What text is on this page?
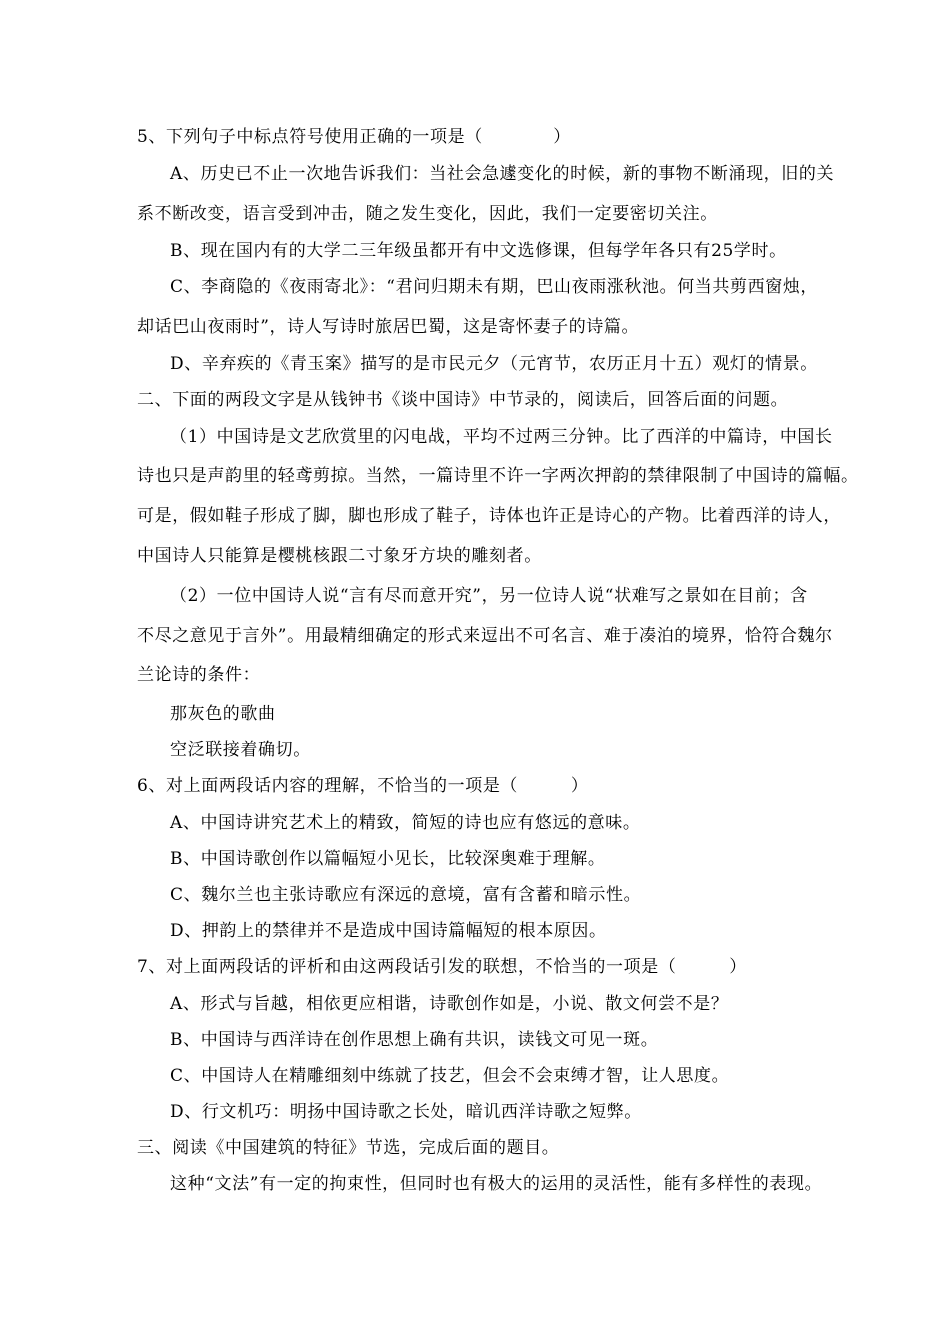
5、下列句子中标点符号使用正确的一项是（　　　　）
A、历史已不止一次地告诉我们：当社会急遽变化的时候，新的事物不断涌现，旧的关
系不断改变，语言受到冲击，随之发生变化，因此，我们一定要密切关注。
B、现在国内有的大学二三年级虽都开有中文选修课，但每学年各只有25学时。
C、李商隐的《夜雨寄北》：“君问归期未有期，巴山夜雨涨秋池。何当共剪西窗烛，
却话巴山夜雨时”，诗人写诗时旅居巴蜀，这是寄怀妻子的诗篇。
D、辛弃疾的《青玉案》描写的是市民元夕（元宵节，农历正月十五）观灯的情景。
二、下面的两段文字是从钱钟书《谈中国诗》中节录的，阅读后，回答后面的问题。
（1）中国诗是文艺欣赏里的闪电战，平均不过两三分钟。比了西洋的中篇诗，中国长
诗也只是声韵里的轻鸢剪掠。当然，一篇诗里不许一字两次押韵的禁律限制了中国诗的篇幅。
可是，假如鞋子形成了脚，脚也形成了鞋子，诗体也许正是诗心的产物。比着西洋的诗人，
中国诗人只能算是樱桃核跟二寸象牙方块的雕刻者。
（2）一位中国诗人说“言有尽而意开究”，另一位诗人说“状难写之景如在目前；含
不尽之意见于言外”。用最精细确定的形式来逗出不可名言、难于凑泊的境界，恰符合魏尔
兰论诗的条件：
那灰色的歌曲
空泛联接着确切。
6、对上面两段话内容的理解，不恰当的一项是（　　　）
A、中国诗讲究艺术上的精致，简短的诗也应有悠远的意味。
B、中国诗歌创作以篇幅短小见长，比较深奥难于理解。
C、魏尔兰也主张诗歌应有深远的意境，富有含蓄和暗示性。
D、押韵上的禁律并不是造成中国诗篇幅短的根本原因。
7、对上面两段话的评析和由这两段话引发的联想，不恰当的一项是（　　　）
A、形式与旨越，相依更应相谐，诗歌创作如是，小说、散文何尝不是？
B、中国诗与西洋诗在创作思想上确有共识，读钱文可见一斑。
C、中国诗人在精雕细刻中练就了技艺，但会不会束缚才智，让人思度。
D、行文机巧：明扬中国诗歌之长处，暗讥西洋诗歌之短弊。
三、阅读《中国建筑的特征》节选，完成后面的题目。
这种“文法”有一定的拘束性，但同时也有极大的运用的灵活性，能有多样性的表现。
